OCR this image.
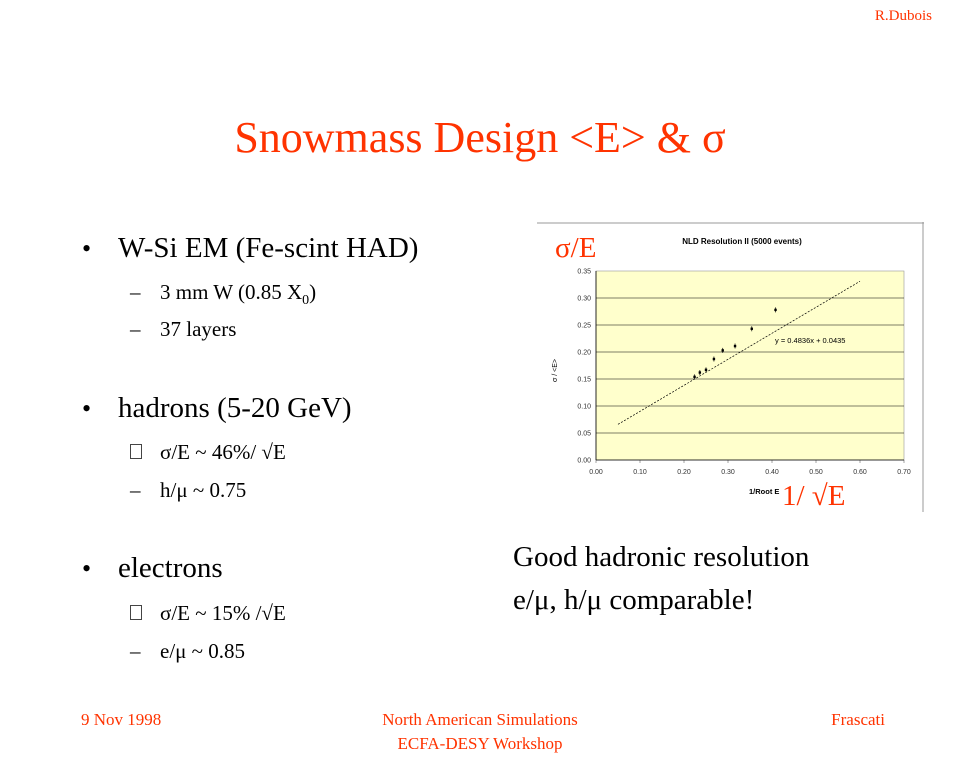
R.Dubois
Snowmass Design <E> & σ
• W-Si EM (Fe-scint HAD)
– 3 mm W (0.85 $X_0$)
– 37 layers
• hadrons (5-20 GeV)
σ/E ~ 46%/ √E
– h/μ ~ 0.75
• electrons
σ/E ~ 15% /√E
– e/μ ~ 0.85
NLD Resolution II (5000 events)
0.00
0.05
0.10
0.15
0.20
0.25
0.30
0.35
0.00	0.10	0.20	0.30	0.40	0.50	0.60	0.70
y = 0.4836x + 0.0435
1/Root E
σ / <E>
σ/E
1/ √E
Good hadronic resolution
e/μ, h/μ comparable!
9 Nov 1998	North American Simulations
ECFA-DESY Workshop
Frascati
